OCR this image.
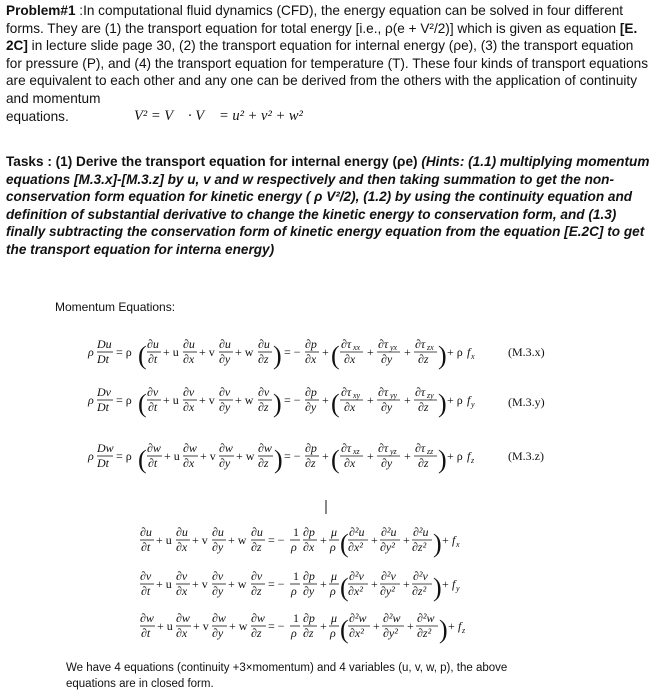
Problem#1 :In computational fluid dynamics (CFD), the energy equation can be solved in four different forms. They are (1) the transport equation for total energy [i.e., ρ(e + V²/2)] which is given as equation [E. 2C] in lecture slide page 30, (2) the transport equation for internal energy (ρe), (3) the transport equation for pressure (P), and (4) the transport equation for temperature (T). These four kinds of transport equations are equivalent to each other and any one can be derived from the others with the application of continuity and momentum
equations.	V² = V⃗ · V⃗ = u² + v² + w²
Tasks : (1) Derive the transport equation for internal energy (ρe) (Hints: (1.1) multiplying momentum equations [M.3.x]-[M.3.z] by u, v and w respectively and then taking summation to get the non-conservation form equation for kinetic energy ( ρ V²/2), (1.2) by using the continuity equation and definition of substantial derivative to change the kinetic energy to conservation form, and (1.3) finally subtracting the conservation form of kinetic energy equation from the equation [E.2C] to get the transport equation for interna energy)
Momentum Equations:
ρ
Du
Dt = ρ ( ∂u
∂t + u
∂u
∂x + v
∂u
∂y + w
∂u
∂z ) = −
∂p
∂x + ( ∂τ xx
∂x +
∂τ yx
∂y +
∂τ zx
∂z ) + ρ f x	(M.3.x)
ρ
Dv
Dt = ρ ( ∂v
∂t + u
∂v
∂x + v
∂v
∂y + w
∂v
∂z ) = −
∂p
∂y + ( ∂τ xy
∂x +
∂τ yy
∂y +
∂τ zy
∂z ) + ρ f y	(M.3.y)
ρ
Dw
Dt = ρ ( ∂w
∂t + u
∂w
∂x + v
∂w
∂y + w
∂w
∂z ) = −
∂p
∂z + ( ∂τ xz
∂x +
∂τ yz
∂y +
∂τ zz
∂z ) + ρ f z	(M.3.z)
∂u
∂t + u
∂u
∂x + v
∂u
∂y + w
∂u
∂z = −
1
ρ
∂p
∂x +
μ
ρ ( ∂²u
∂x² +
∂²u
∂y² +
∂²u
∂z² ) + f x
∂v
∂t + u
∂v
∂x + v
∂v
∂y + w
∂v
∂z = −
1
ρ
∂p
∂y +
μ
ρ ( ∂²v
∂x² +
∂²v
∂y² +
∂²v
∂z² ) + f y
∂w
∂t + u
∂w
∂x + v
∂w
∂y + w
∂w
∂z = −
1
ρ
∂p
∂z +
μ
ρ ( ∂²w
∂x² +
∂²w
∂y² +
∂²w
∂z² ) + f z
We have 4 equations (continuity +3×momentum) and 4 variables (u, v, w, p), the above equations are in closed form.
